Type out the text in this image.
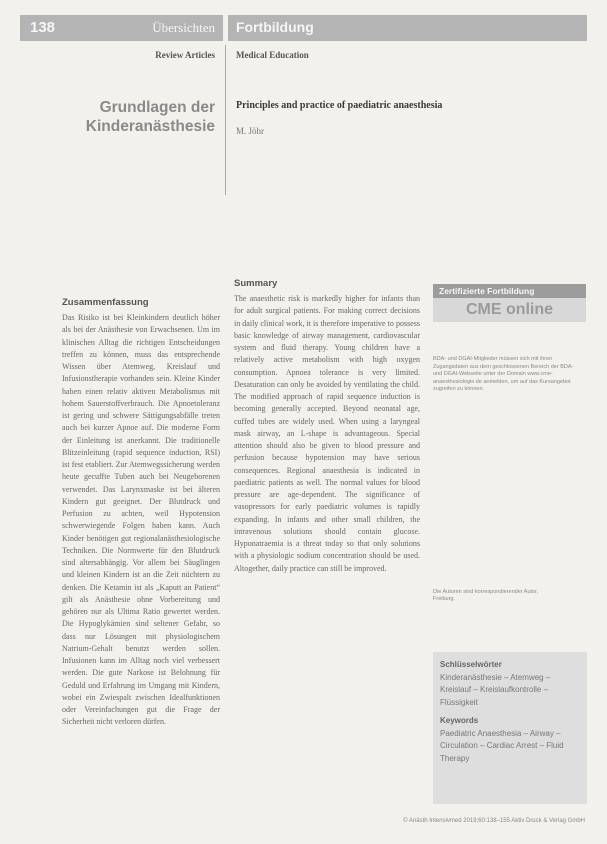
138	Übersichten Fortbildung
Review Articles Medical Education
Grundlagen der Kinderanästhesie
Principles and practice of paediatric anaesthesia
M. Jöhr
Zusammenfassung

Das Risiko ist bei Kleinkindern deutlich höher als bei der Anästhesie von Erwachsenen. Um im klinischen Alltag die richtigen Entscheidungen treffen zu können, muss das entsprechende Wissen über Atemweg, Kreislauf und Infusionstherapie vorhanden sein. Kleine Kinder haben einen relativ aktiven Metabolismus mit hohem Sauerstoffverbrauch. Die Apnoetoleranz ist gering und schwere Sättigungsabfälle treten auch bei kurzer Apnoe auf. Die moderne Form der Einleitung ist anerkannt. Die traditionelle Blitzeinleitung (rapid sequence induction, RSI) ist fest etabliert. Zur Atemwegssicherung werden heute gecuffte Tuben auch bei Neugeborenen verwendet. Das Larynxmaske ist bei älteren Kindern gut geeignet. Der Blutdruck und Perfusion zu achten, weil Hypotension schwerwiegende Folgen haben kann. Auch Kinder benötigen gut regionalanästhesiologische Techniken. Die Normwerte für den Blutdruck sind altersabhängig. Vor allem bei Säuglingen und kleinen Kindern ist an die Zeit nüchtern zu denken. Die Ketamin ist als „Kaputt an Patient“ gilt als Anästhesie ohne Vorbereitung und gehören nur als Ultima Ratio gewertet werden. Die Hypoglykämien sind seltener Gefahr, so dass nur Lösungen mit physiologischem Natrium-Gehalt benutzt werden sollen. Infusionen kann im Alltag noch viel verbessert werden. Die gute Narkose ist Belohnung für Geduld und Erfahrung im Umgang mit Kindern, wobei ein Zwiespalt zwischen Idealfunktionen oder Vereinfachungen gut die Frage der Sicherheit nicht verloren dürfen.

Summary

The anaesthetic risk is markedly higher for infants than for adult surgical patients. For making correct decisions in daily clinical work, it is therefore imperative to possess basic knowledge of airway management, cardiovascular system and fluid therapy. Young children have a relatively active metabolism with high oxygen consumption. Apnoea tolerance is very limited. Desaturation can only be avoided by ventilating the child. The modified approach of rapid sequence induction is becoming generally accepted. Beyond neonatal age, cuffed tubes are widely used. When using a laryngeal mask airway, an L-shape is advantageous. Special attention should also be given to blood pressure and perfusion because hypotension may have serious consequences. Regional anaesthesia is indicated in paediatric patients as well. The normal values for blood pressure are age-dependent. The significance of vasopressors for early paediatric volumes is rapidly expanding. In infants and other small children, the intravenous solutions should contain glucose. Hyponatraemia is a threat today so that only solutions with a physiologic sodium concentration should be used. Altogether, daily practice can still be improved.

Zertifizierte Fortbildung
CME online
BDA- und DGAI-Mitglieder müssen sich mit ihren Zugangsdaten aus dem geschlossenen Bereich der BDA- und DGAI-Webseite unter der Domain www.cme-anaesthesiologie.de anmelden, um auf das Kursangebot zugreifen zu können.
Die Autoren sind korrespondierender Autor, Freiburg.
Schlüsselwörter
Kinderanästhesie – Atemweg – Kreislauf – Kreislaufkontrolle – Flüssigkeit
Keywords
Paediatric Anaesthesia – Airway – Circulation – Cardiac Arrest – Fluid Therapy
© Anästh Intensivmed 2019;60:138–155 Aktiv Druck & Verlag GmbH
